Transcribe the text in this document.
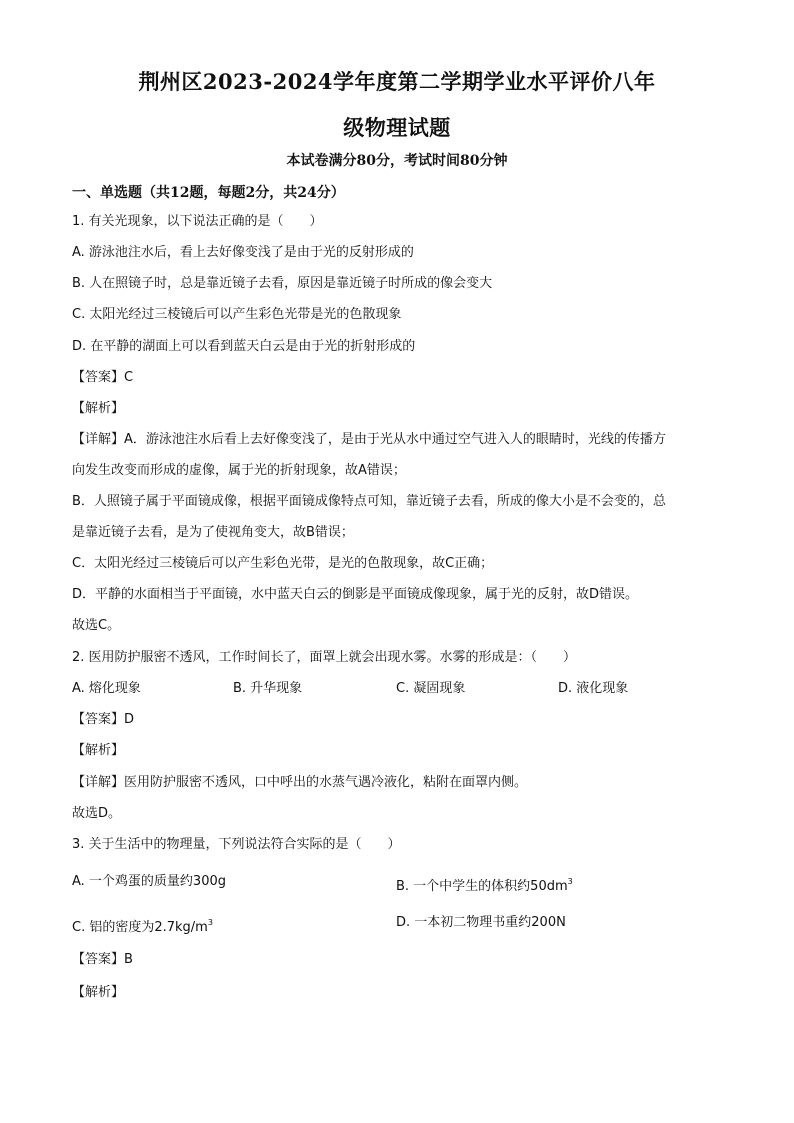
荆州区2023-2024学年度第二学期学业水平评价八年
级物理试题
本试卷满分80分，考试时间80分钟
一、单选题（共12题，每题2分，共24分）
1. 有关光现象，以下说法正确的是（　　）
A. 游泳池注水后，看上去好像变浅了是由于光的反射形成的
B. 人在照镜子时，总是靠近镜子去看，原因是靠近镜子时所成的像会变大
C. 太阳光经过三棱镜后可以产生彩色光带是光的色散现象
D. 在平静的湖面上可以看到蓝天白云是由于光的折射形成的
【答案】C
【解析】
【详解】A．游泳池注水后看上去好像变浅了，是由于光从水中通过空气进入人的眼睛时，光线的传播方
向发生改变而形成的虚像，属于光的折射现象，故A错误；
B．人照镜子属于平面镜成像，根据平面镜成像特点可知，靠近镜子去看，所成的像大小是不会变的，总
是靠近镜子去看，是为了使视角变大，故B错误；
C．太阳光经过三棱镜后可以产生彩色光带，是光的色散现象，故C正确；
D．平静的水面相当于平面镜，水中蓝天白云的倒影是平面镜成像现象，属于光的反射，故D错误。
故选C。
2. 医用防护服密不透风，工作时间长了，面罩上就会出现水雾。水雾的形成是：（　　）
A. 熔化现象	B. 升华现象	C. 凝固现象	D. 液化现象
【答案】D
【解析】
【详解】医用防护服密不透风，口中呼出的水蒸气遇冷液化，粘附在面罩内侧。
故选D。
3. 关于生活中的物理量，下列说法符合实际的是（　　）
A. 一个鸡蛋的质量约300g	B. 一个中学生的体积约$50dm^3$
C. 铝的密度为$2.7kg/m^3$	D. 一本初二物理书重约200N
【答案】B
【解析】
